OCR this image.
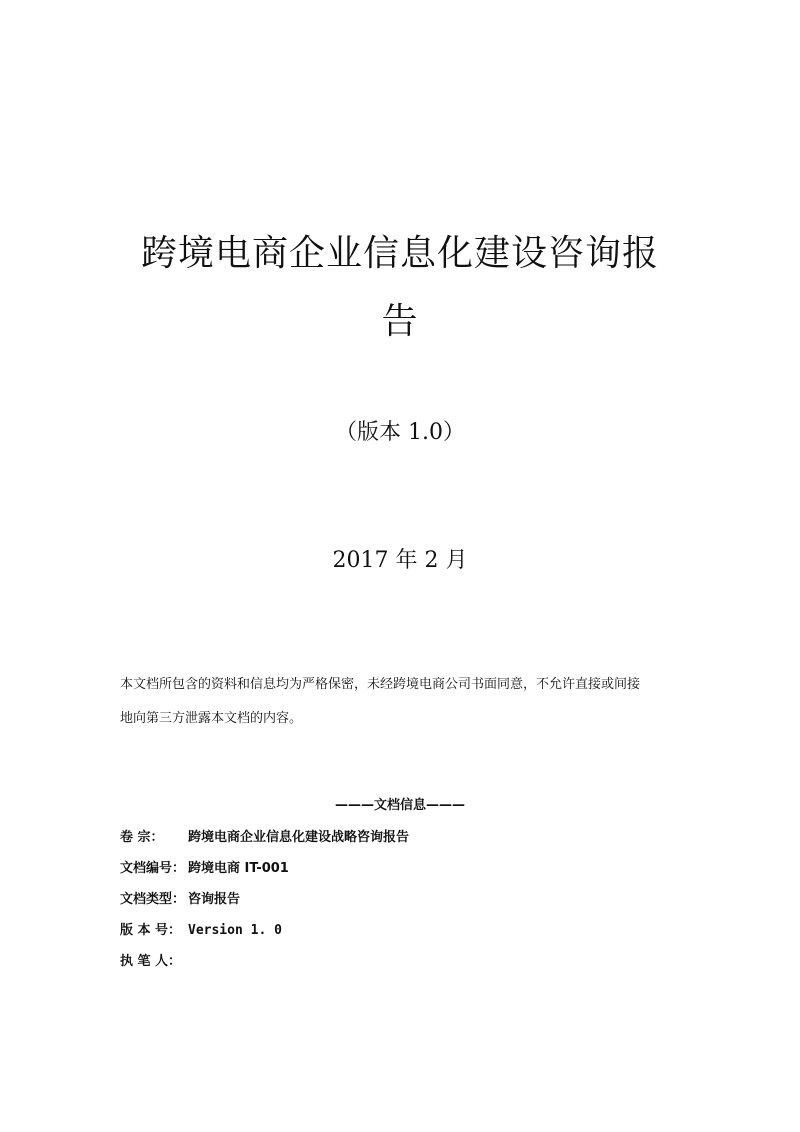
跨境电商企业信息化建设咨询报
告
（版本 1.0）
2017 年 2 月

本文档所包含的资料和信息均为严格保密，未经跨境电商公司书面同意，不允许直接或间接

地向第三方泄露本文档的内容。

———文档信息———
卷 宗： 跨境电商企业信息化建设战略咨询报告
文档编号： 跨境电商 IT-001
文档类型： 咨询报告
版 本 号： Version 1. 0
执 笔 人：
